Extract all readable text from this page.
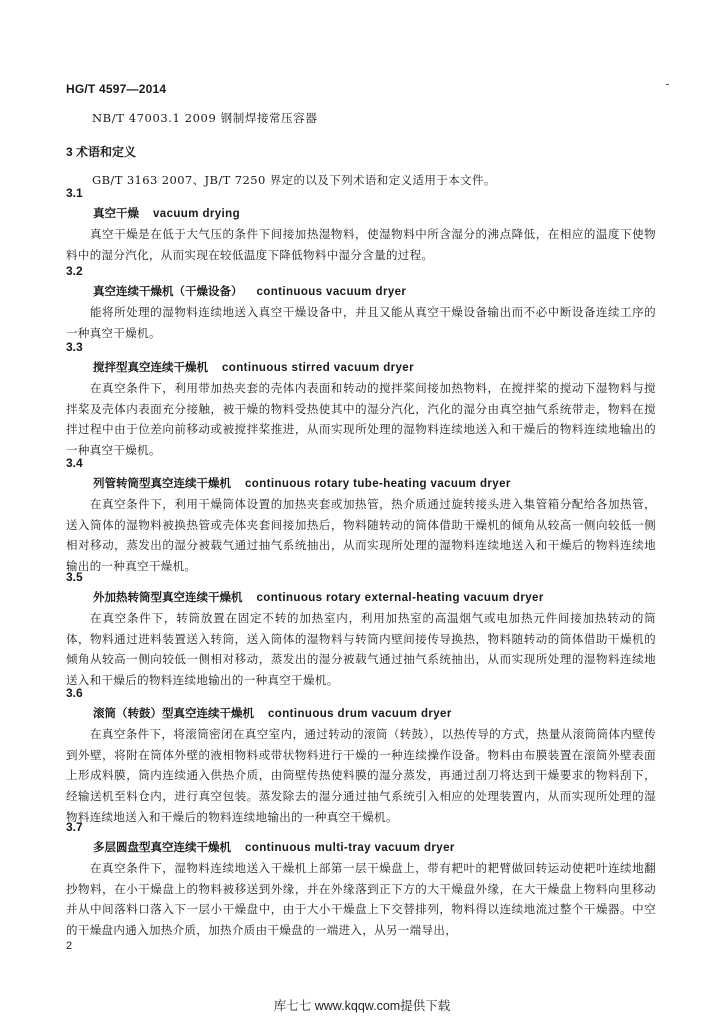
HG/T 4597—2014
NB/T 47003.1 2009 钢制焊接常压容器
3 术语和定义
GB/T 3163 2007、JB/T 7250 界定的以及下列术语和定义适用于本文件。
3.1
真空干燥 vacuum drying

真空干燥是在低于大气压的条件下间接加热湿物料，使湿物料中所含湿分的沸点降低，在相应的温度下使物料中的湿分汽化，从而实现在较低温度下降低物料中湿分含量的过程。

3.2
真空连续干燥机（干燥设备） continuous vacuum dryer

能将所处理的湿物料连续地送入真空干燥设备中，并且又能从真空干燥设备输出而不必中断设备连续工序的一种真空干燥机。

3.3
搅拌型真空连续干燥机 continuous stirred vacuum dryer

在真空条件下，利用带加热夹套的壳体内表面和转动的搅拌桨间接加热物料，在搅拌桨的搅动下湿物料与搅拌桨及壳体内表面充分接触，被干燥的物料受热使其中的湿分汽化，汽化的湿分由真空抽气系统带走，物料在搅拌过程中由于位差向前移动或被搅拌桨推进，从而实现所处理的湿物料连续地送入和干燥后的物料连续地输出的一种真空干燥机。

3.4
列管转筒型真空连续干燥机 continuous rotary tube-heating vacuum dryer

在真空条件下，利用干燥筒体设置的加热夹套或加热管，热介质通过旋转接头进入集管箱分配给各加热管，送入筒体的湿物料被换热管或壳体夹套间接加热后，物料随转动的筒体借助干燥机的倾角从较高一侧向较低一侧相对移动，蒸发出的湿分被载气通过抽气系统抽出，从而实现所处理的湿物料连续地送入和干燥后的物料连续地输出的一种真空干燥机。

3.5
外加热转筒型真空连续干燥机 continuous rotary external-heating vacuum dryer

在真空条件下，转筒放置在固定不转的加热室内，利用加热室的高温烟气或电加热元件间接加热转动的筒体，物料通过进料装置送入转筒，送入筒体的湿物料与转筒内壁间接传导换热，物料随转动的筒体借助干燥机的倾角从较高一侧向较低一侧相对移动，蒸发出的湿分被载气通过抽气系统抽出，从而实现所处理的湿物料连续地送入和干燥后的物料连续地输出的一种真空干燥机。

3.6
滚筒（转鼓）型真空连续干燥机 continuous drum vacuum dryer

在真空条件下，将滚筒密闭在真空室内，通过转动的滚筒（转鼓），以热传导的方式，热量从滚筒筒体内壁传到外壁，将附在筒体外壁的液相物料或带状物料进行干燥的一种连续操作设备。物料由布膜装置在滚筒外壁表面上形成料膜，筒内连续通入供热介质，由筒壁传热使料膜的湿分蒸发，再通过刮刀将达到干燥要求的物料刮下，经输送机至料仓内，进行真空包装。蒸发除去的湿分通过抽气系统引入相应的处理装置内，从而实现所处理的湿物料连续地送入和干燥后的物料连续地输出的一种真空干燥机。

3.7
多层圆盘型真空连续干燥机 continuous multi-tray vacuum dryer

在真空条件下，湿物料连续地送入干燥机上部第一层干燥盘上，带有耙叶的耙臂做回转运动使耙叶连续地翻抄物料，在小干燥盘上的物料被移送到外缘，并在外缘落到正下方的大干燥盘外缘，在大干燥盘上物料向里移动并从中间落料口落入下一层小干燥盘中，由于大小干燥盘上下交替排列，物料得以连续地流过整个干燥器。中空的干燥盘内通入加热介质，加热介质由干燥盘的一端进入，从另一端导出，

2
库七七 www.kqqw.com提供下载
